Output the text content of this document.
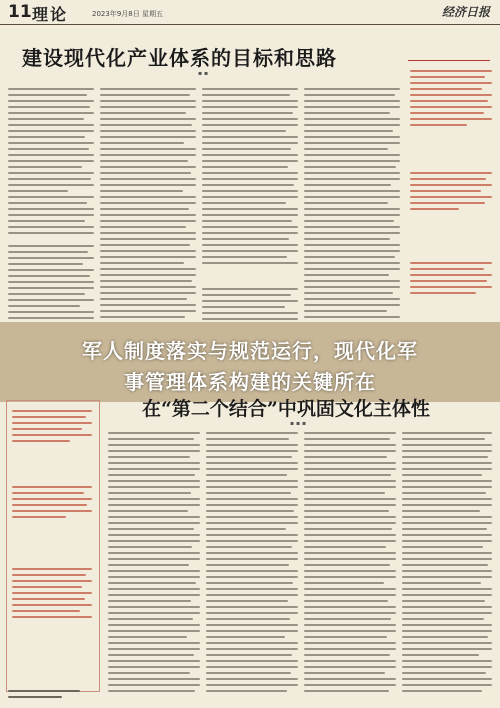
11 理论	2023年9月8日 星期五	经济日报
建设现代化产业体系的目标和思路
▪ ▪
军人制度落实与规范运行，现代化军
事管理体系构建的关键所在
在“第二个结合”中巩固文化主体性
▪ ▪ ▪
